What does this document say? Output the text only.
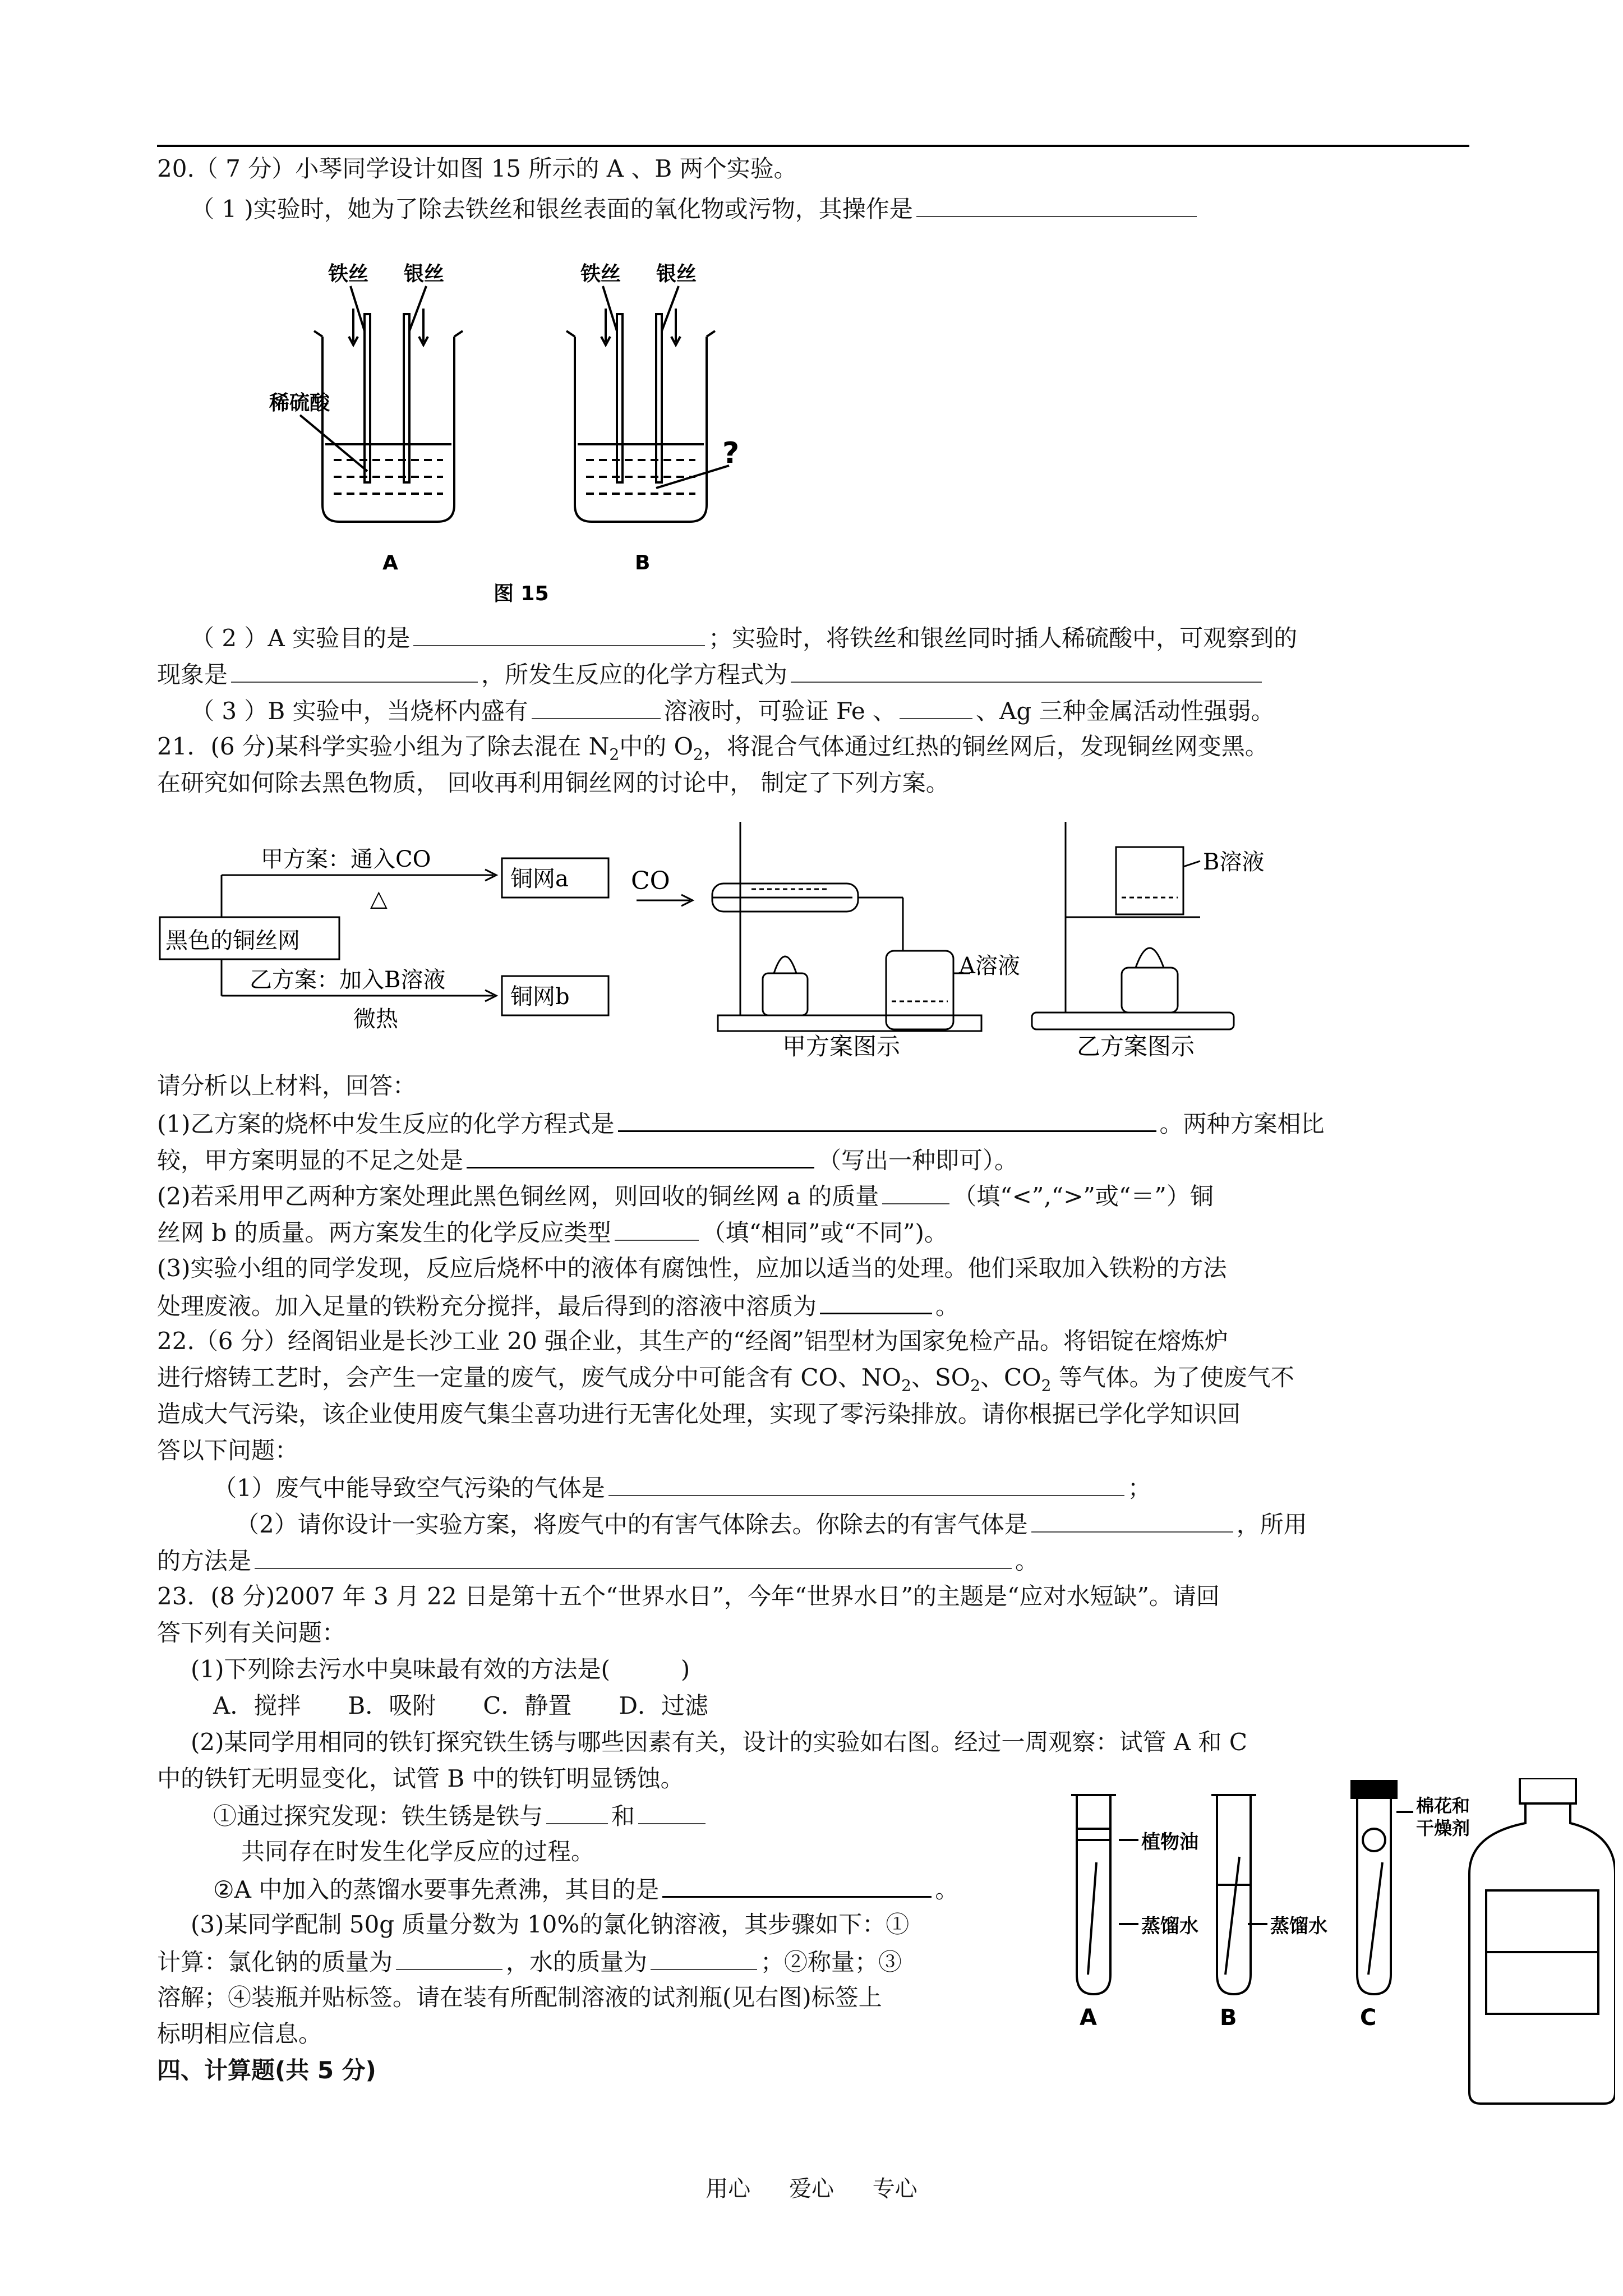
20.（ 7 分）小琴同学设计如图 15 所示的 A 、B 两个实验。
（ 1 )实验时，她为了除去铁丝和银丝表面的氧化物或污物，其操作是
铁丝 银丝	铁丝 银丝
稀硫酸
?
A	B
图 15
（ 2 ）A 实验目的是	；实验时，将铁丝和银丝同时插人稀硫酸中，可观察到的
现象是	，所发生反应的化学方程式为
（ 3 ）B 实验中，当烧杯内盛有	溶液时，可验证 Fe 、	、Ag 三种金属活动性强弱。
21．(6 分)某科学实验小组为了除去混在 $N_2$中的 $O_2$，将混合气体通过红热的铜丝网后，发现铜丝网变黑。
在研究如何除去黑色物质， 回收再利用铜丝网的讨论中， 制定了下列方案。
黑色的铜丝网
甲方案：通入CO
△
铜网a
乙方案：加入B溶液
微热
铜网b
CO
A溶液
B溶液
甲方案图示	乙方案图示
请分析以上材料，回答：
(1)乙方案的烧杯中发生反应的化学方程式是	。两种方案相比
较，甲方案明显的不足之处是	（写出一种即可）。
(2)若采用甲乙两种方案处理此黑色铜丝网，则回收的铜丝网 a 的质量	（填“<”,“>”或“＝”）铜
丝网 b 的质量。两方案发生的化学反应类型	（填“相同”或“不同”)。
(3)实验小组的同学发现，反应后烧杯中的液体有腐蚀性，应加以适当的处理。他们采取加入铁粉的方法
处理废液。加入足量的铁粉充分搅拌，最后得到的溶液中溶质为	。
22.（6 分）经阁铝业是长沙工业 20 强企业，其生产的“经阁”铝型材为国家免检产品。将铝锭在熔炼炉
进行熔铸工艺时，会产生一定量的废气，废气成分中可能含有 CO、$NO_2$、$SO_2$、$CO_2$ 等气体。为了使废气不
造成大气污染，该企业使用废气集尘喜功进行无害化处理，实现了零污染排放。请你根据已学化学知识回
答以下问题：
（1）废气中能导致空气污染的气体是	；
（2）请你设计一实验方案，将废气中的有害气体除去。你除去的有害气体是	，所用
的方法是	。
23．(8 分)2007 年 3 月 22 日是第十五个“世界水日”，今年“世界水日”的主题是“应对水短缺”。请回
答下列有关问题：
(1)下列除去污水中臭味最有效的方法是(　　　)
A．搅拌　　B．吸附　　C．静置　　D．过滤
(2)某同学用相同的铁钉探究铁生锈与哪些因素有关，设计的实验如右图。经过一周观察：试管 A 和 C
中的铁钉无明显变化，试管 B 中的铁钉明显锈蚀。
①通过探究发现：铁生锈是铁与	和
共同存在时发生化学反应的过程。
②A 中加入的蒸馏水要事先煮沸，其目的是	。
(3)某同学配制 50g 质量分数为 10%的氯化钠溶液，其步骤如下：①
计算：氯化钠的质量为	，水的质量为	；②称量；③
溶解；④装瓶并贴标签。请在装有所配制溶液的试剂瓶(见右图)标签上
标明相应信息。
植物油
蒸馏水	蒸馏水
棉花和
干燥剂
A	B	C
四、计算题(共 5 分)
用心 爱心 专心
